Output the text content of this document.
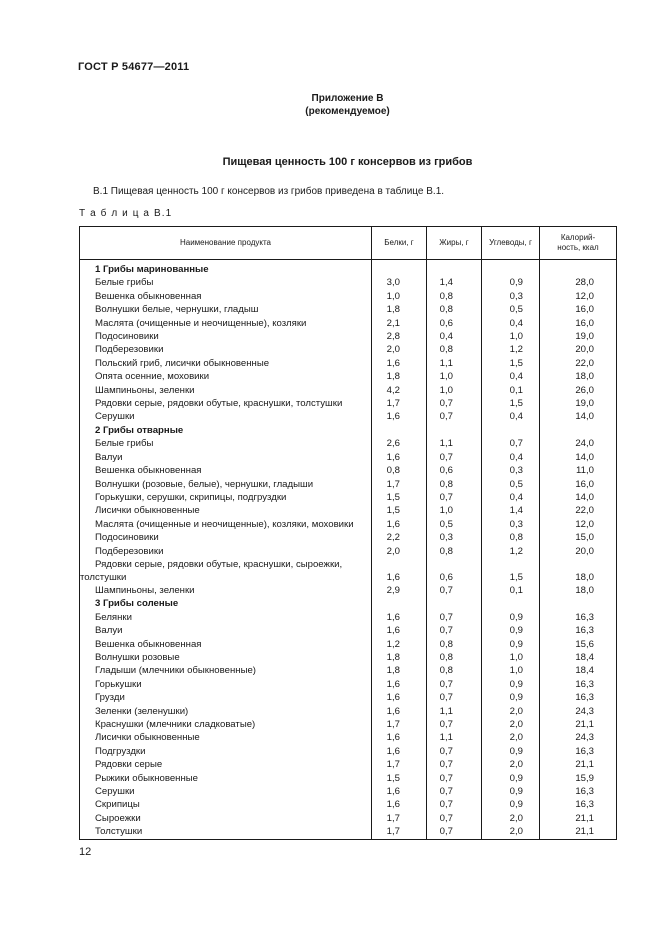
ГОСТ Р 54677—2011
Приложение В
(рекомендуемое)
Пищевая ценность 100 г консервов из грибов
В.1 Пищевая ценность 100 г консервов из грибов приведена в таблице В.1.
Т а б л и ц а В.1
Наименование продукта	Белки, г	Жиры, г	Углеводы, г	Калорий-
ность, ккал
1 Грибы маринованные				
Белые грибы	3,0	1,4	0,9	28,0
Вешенка обыкновенная	1,0	0,8	0,3	12,0
Волнушки белые, чернушки, гладыш	1,8	0,8	0,5	16,0
Маслята (очищенные и неочищенные), козляки	2,1	0,6	0,4	16,0
Подосиновики	2,8	0,4	1,0	19,0
Подберезовики	2,0	0,8	1,2	20,0
Польский гриб, лисички обыкновенные	1,6	1,1	1,5	22,0
Опята осенние, моховики	1,8	1,0	0,4	18,0
Шампиньоны, зеленки	4,2	1,0	0,1	26,0
Рядовки серые, рядовки обутые, краснушки, толстушки	1,7	0,7	1,5	19,0
Серушки	1,6	0,7	0,4	14,0
2 Грибы отварные				
Белые грибы	2,6	1,1	0,7	24,0
Валуи	1,6	0,7	0,4	14,0
Вешенка обыкновенная	0,8	0,6	0,3	11,0
Волнушки (розовые, белые), чернушки, гладыши	1,7	0,8	0,5	16,0
Горькушки, серушки, скрипицы, подгруздки	1,5	0,7	0,4	14,0
Лисички обыкновенные	1,5	1,0	1,4	22,0
Маслята (очищенные и неочищенные), козляки, моховики	1,6	0,5	0,3	12,0
Подосиновики	2,2	0,3	0,8	15,0
Подберезовики	2,0	0,8	1,2	20,0
Рядовки серые, рядовки обутые, краснушки, сыроежки,
толстушки	1,6	0,6	1,5	18,0
Шампиньоны, зеленки	2,9	0,7	0,1	18,0
3 Грибы соленые				
Белянки	1,6	0,7	0,9	16,3
Валуи	1,6	0,7	0,9	16,3
Вешенка обыкновенная	1,2	0,8	0,9	15,6
Волнушки розовые	1,8	0,8	1,0	18,4
Гладыши (млечники обыкновенные)	1,8	0,8	1,0	18,4
Горькушки	1,6	0,7	0,9	16,3
Грузди	1,6	0,7	0,9	16,3
Зеленки (зеленушки)	1,6	1,1	2,0	24,3
Краснушки (млечники сладковатые)	1,7	0,7	2,0	21,1
Лисички обыкновенные	1,6	1,1	2,0	24,3
Подгруздки	1,6	0,7	0,9	16,3
Рядовки серые	1,7	0,7	2,0	21,1
Рыжики обыкновенные	1,5	0,7	0,9	15,9
Серушки	1,6	0,7	0,9	16,3
Скрипицы	1,6	0,7	0,9	16,3
Сыроежки	1,7	0,7	2,0	21,1
Толстушки	1,7	0,7	2,0	21,1
12
